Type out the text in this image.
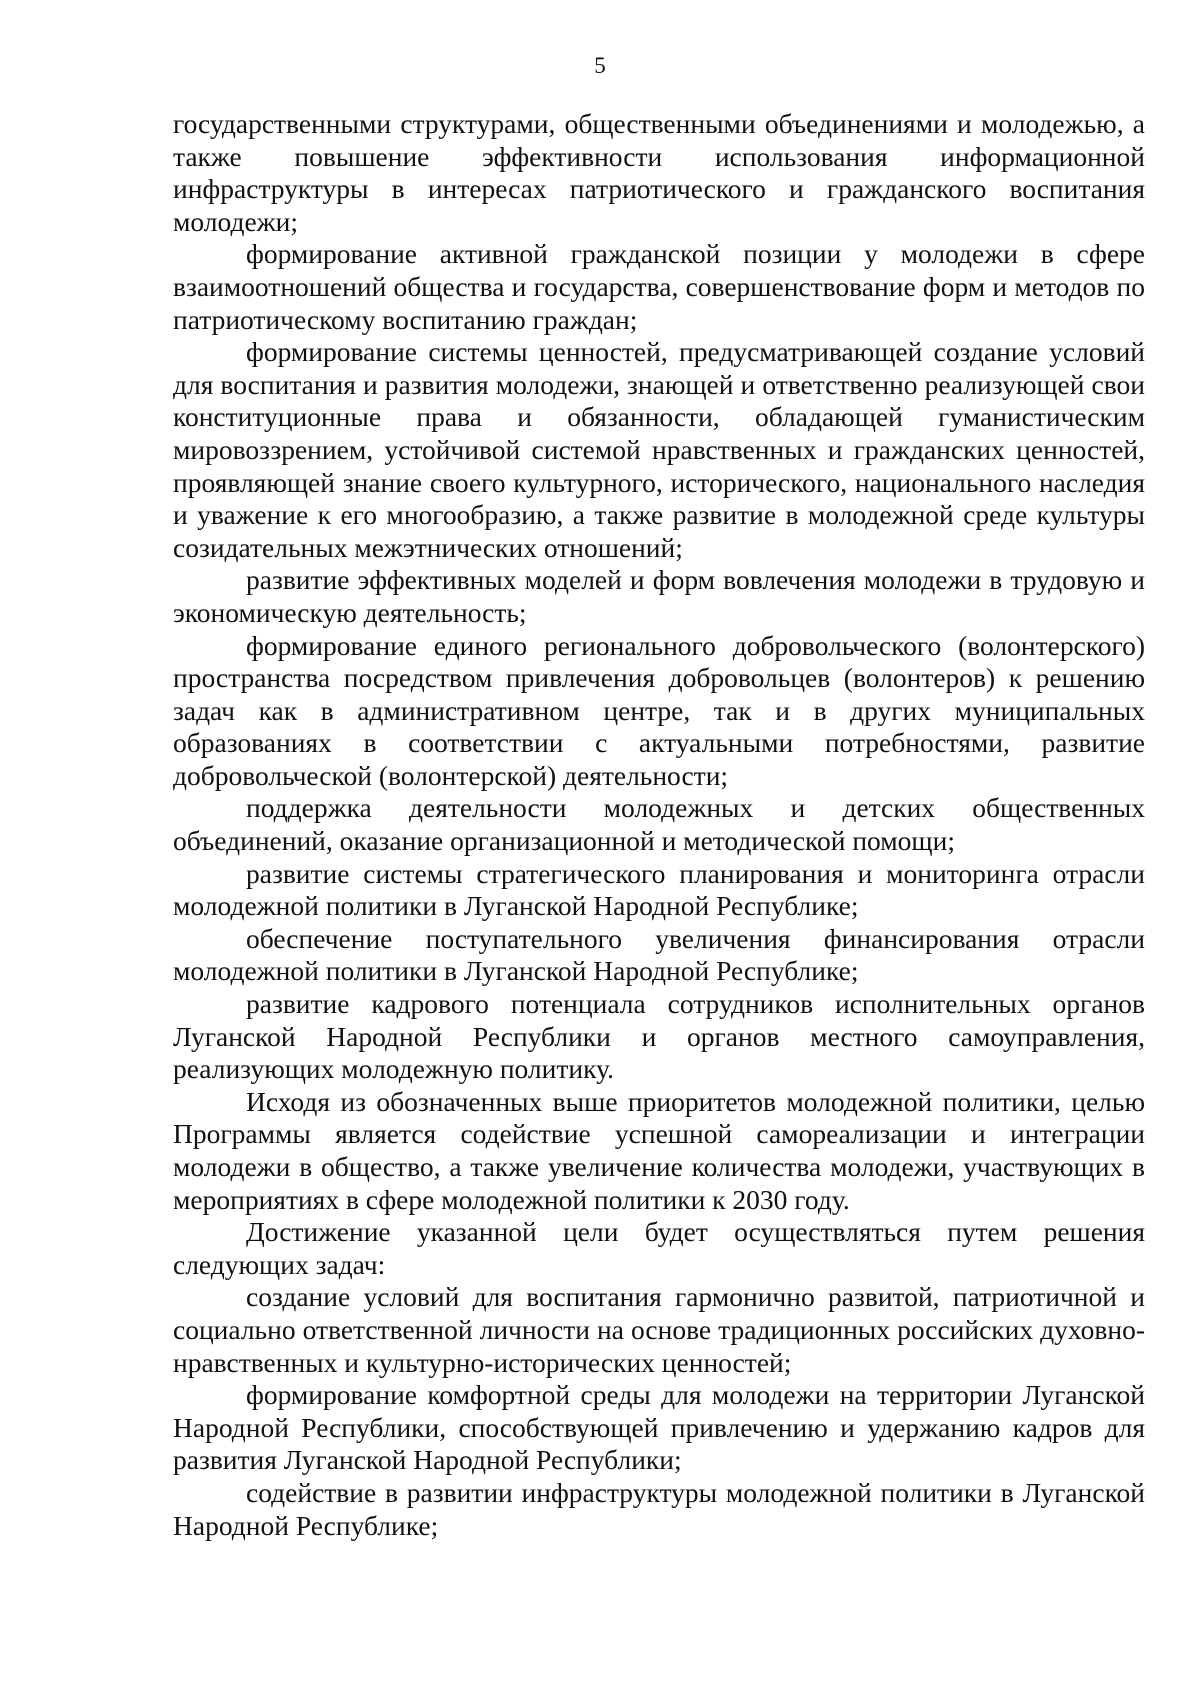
5

государственными структурами, общественными объединениями и молодежью, а также повышение эффективности использования информационной инфраструктуры в интересах патриотического и гражданского воспитания молодежи;

формирование активной гражданской позиции у молодежи в сфере взаимоотношений общества и государства, совершенствование форм и методов по патриотическому воспитанию граждан;

формирование системы ценностей, предусматривающей создание условий для воспитания и развития молодежи, знающей и ответственно реализующей свои конституционные права и обязанности, обладающей гуманистическим мировоззрением, устойчивой системой нравственных и гражданских ценностей, проявляющей знание своего культурного, исторического, национального наследия и уважение к его многообразию, а также развитие в молодежной среде культуры созидательных межэтнических отношений;

развитие эффективных моделей и форм вовлечения молодежи в трудовую и экономическую деятельность;

формирование единого регионального добровольческого (волонтерского) пространства посредством привлечения добровольцев (волонтеров) к решению задач как в административном центре, так и в других муниципальных образованиях в соответствии с актуальными потребностями, развитие добровольческой (волонтерской) деятельности;

поддержка деятельности молодежных и детских общественных объединений, оказание организационной и методической помощи;

развитие системы стратегического планирования и мониторинга отрасли молодежной политики в Луганской Народной Республике;

обеспечение поступательного увеличения финансирования отрасли молодежной политики в Луганской Народной Республике;

развитие кадрового потенциала сотрудников исполнительных органов Луганской Народной Республики и органов местного самоуправления, реализующих молодежную политику.

Исходя из обозначенных выше приоритетов молодежной политики, целью Программы является содействие успешной самореализации и интеграции молодежи в общество, а также увеличение количества молодежи, участвующих в мероприятиях в сфере молодежной политики к 2030 году.

Достижение указанной цели будет осуществляться путем решения следующих задач:

создание условий для воспитания гармонично развитой, патриотичной и социально ответственной личности на основе традиционных российских духовно-нравственных и культурно-исторических ценностей;

формирование комфортной среды для молодежи на территории Луганской Народной Республики, способствующей привлечению и удержанию кадров для развития Луганской Народной Республики;

содействие в развитии инфраструктуры молодежной политики в Луганской Народной Республике;
